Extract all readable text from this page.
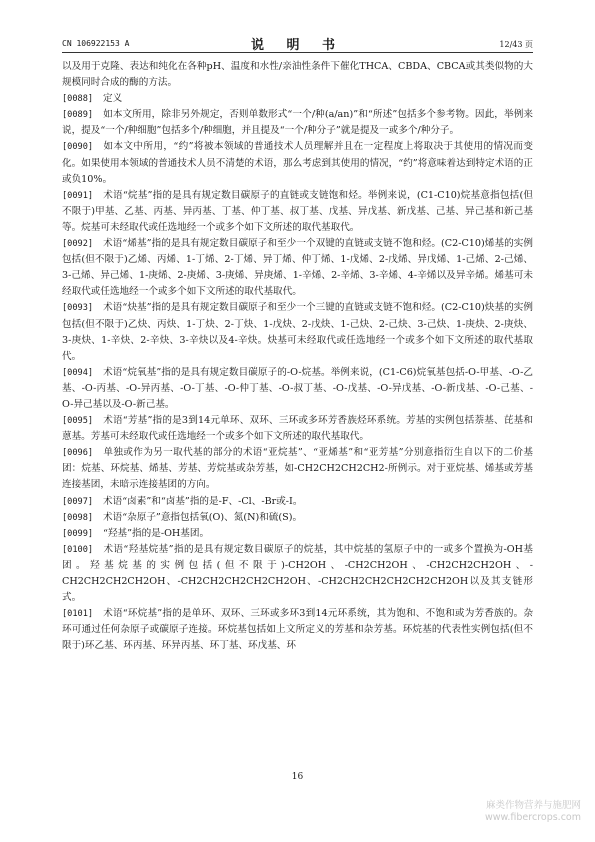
CN 106922153 A	说 明 书	12/43 页

以及用于克隆、表达和纯化在各种pH、温度和水性/亲油性条件下催化THCA、CBDA、CBCA或其类似物的大规模同时合成的酶的方法。

[0088] 定义

[0089] 如本文所用，除非另外规定，否则单数形式“一个/种(a/an)”和“所述”包括多个参考物。因此，举例来说，提及“一个/种细胞”包括多个/种细胞，并且提及“一个/种分子”就是提及一或多个/种分子。

[0090] 如本文中所用，“约”将被本领域的普通技术人员理解并且在一定程度上将取决于其使用的情况而变化。如果使用本领域的普通技术人员不清楚的术语，那么考虑到其使用的情况，“约”将意味着达到特定术语的正或负10%。

[0091] 术语“烷基”指的是具有规定数目碳原子的直链或支链饱和烃。举例来说，(C1-C10)烷基意指包括(但不限于)甲基、乙基、丙基、异丙基、丁基、仲丁基、叔丁基、戊基、异戊基、新戊基、己基、异己基和新己基等。烷基可未经取代或任选地经一个或多个如下文所述的取代基取代。

[0092] 术语“烯基”指的是具有规定数目碳原子和至少一个双键的直链或支链不饱和烃。(C2-C10)烯基的实例包括(但不限于)乙烯、丙烯、1-丁烯、2-丁烯、异丁烯、仲丁烯、1-戊烯、2-戊烯、异戊烯、1-己烯、2-己烯、3-己烯、异己烯、1-庚烯、2-庚烯、3-庚烯、异庚烯、1-辛烯、2-辛烯、3-辛烯、4-辛烯以及异辛烯。烯基可未经取代或任选地经一个或多个如下文所述的取代基取代。

[0093] 术语“炔基”指的是具有规定数目碳原子和至少一个三键的直链或支链不饱和烃。(C2-C10)炔基的实例包括(但不限于)乙炔、丙炔、1-丁炔、2-丁炔、1-戊炔、2-戊炔、1-己炔、2-己炔、3-己炔、1-庚炔、2-庚炔、3-庚炔、1-辛炔、2-辛炔、3-辛炔以及4-辛炔。炔基可未经取代或任选地经一个或多个如下文所述的取代基取代。

[0094] 术语“烷氧基”指的是具有规定数目碳原子的-O-烷基。举例来说，(C1-C6)烷氧基包括-O-甲基、-O-乙基、-O-丙基、-O-异丙基、-O-丁基、-O-仲丁基、-O-叔丁基、-O-戊基、-O-异戊基、-O-新戊基、-O-己基、-O-异己基以及-O-新己基。

[0095] 术语“芳基”指的是3到14元单环、双环、三环或多环芳香族烃环系统。芳基的实例包括萘基、芘基和蒽基。芳基可未经取代或任选地经一个或多个如下文所述的取代基取代。

[0096] 单独或作为另一取代基的部分的术语“亚烷基”、“亚烯基”和“亚芳基”分别意指衍生自以下的二价基团：烷基、环烷基、烯基、芳基、芳烷基或杂芳基，如-CH2CH2CH2CH2-所例示。对于亚烷基、烯基或芳基连接基团，未暗示连接基团的方向。

[0097] 术语“卤素”和“卤基”指的是-F、-Cl、-Br或-I。

[0098] 术语“杂原子”意指包括氧(O)、氮(N)和硫(S)。

[0099] “羟基”指的是-OH基团。

[0100] 术语“羟基烷基”指的是具有规定数目碳原子的烷基，其中烷基的氢原子中的一或多个置换为-OH基团。羟基烷基的实例包括(但不限于)-CH2OH、-CH2CH2OH、-CH2CH2CH2OH、-CH2CH2CH2CH2OH、-CH2CH2CH2CH2CH2OH、-CH2CH2CH2CH2CH2CH2OH以及其支链形式。

[0101] 术语“环烷基”指的是单环、双环、三环或多环3到14元环系统，其为饱和、不饱和或为芳香族的。杂环可通过任何杂原子或碳原子连接。环烷基包括如上文所定义的芳基和杂芳基。环烷基的代表性实例包括(但不限于)环乙基、环丙基、环异丙基、环丁基、环戊基、环

16
麻类作物营养与施肥网
www.fibercrops.com
